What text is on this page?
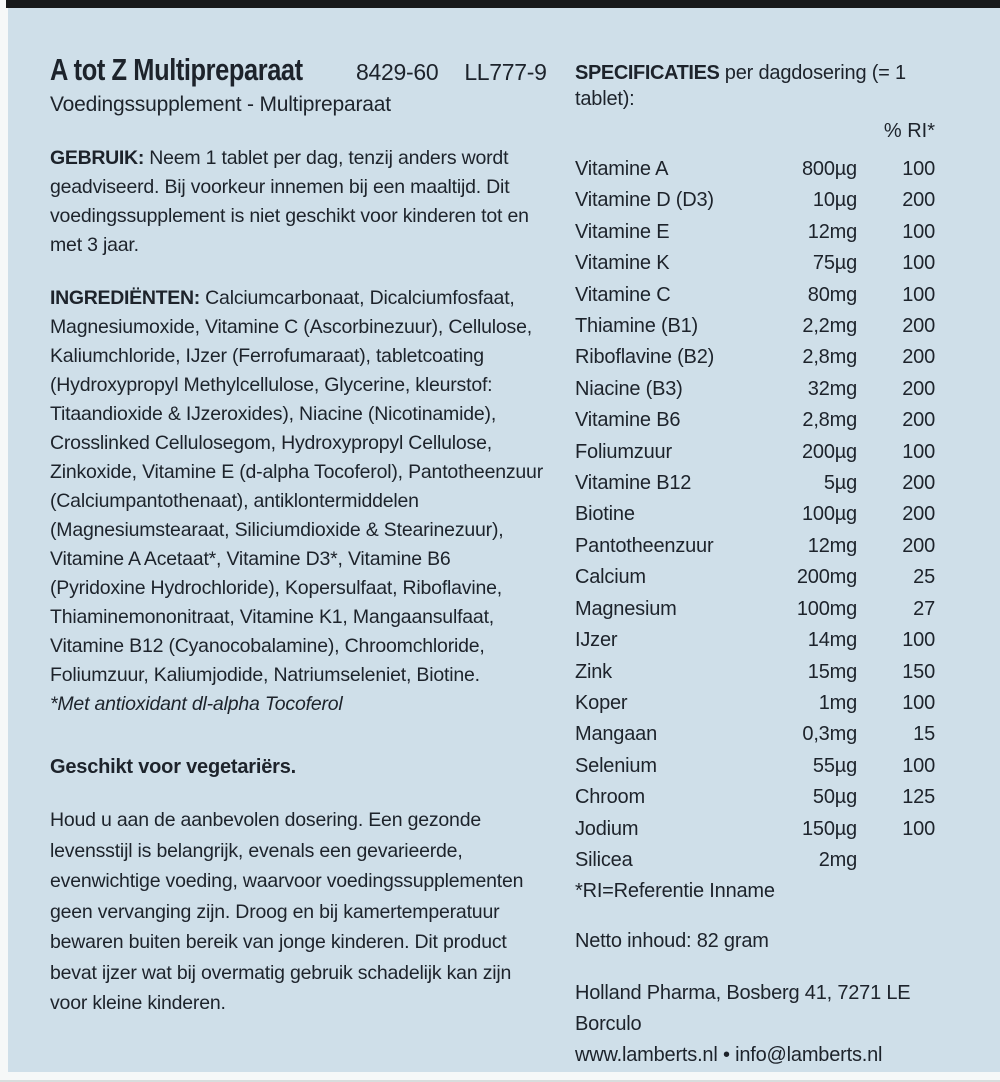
A tot Z Multipreparaat	8429-60 LL777-9
Voedingssupplement - Multipreparaat

GEBRUIK: Neem 1 tablet per dag, tenzij anders wordt geadviseerd. Bij voorkeur innemen bij een maaltijd. Dit voedingssupplement is niet geschikt voor kinderen tot en met 3 jaar.

INGREDIËNTEN: Calciumcarbonaat, Dicalciumfosfaat, Magnesiumoxide, Vitamine C (Ascorbinezuur), Cellulose, Kaliumchloride, IJzer (Ferrofumaraat), tabletcoating (Hydroxypropyl Methylcellulose, Glycerine, kleurstof: Titaandioxide & IJzeroxides), Niacine (Nicotinamide), Crosslinked Cellulosegom, Hydroxypropyl Cellulose, Zinkoxide, Vitamine E (d-alpha Tocoferol), Pantotheenzuur (Calciumpantothenaat), antiklontermiddelen (Magnesiumstearaat, Siliciumdioxide & Stearinezuur), Vitamine A Acetaat*, Vitamine D3*, Vitamine B6 (Pyridoxine Hydrochloride), Kopersulfaat, Riboflavine, Thiaminemononitraat, Vitamine K1, Mangaansulfaat, Vitamine B12 (Cyanocobalamine), Chroomchloride, Foliumzuur, Kaliumjodide, Natriumseleniet, Biotine.

*Met antioxidant dl-alpha Tocoferol

Geschikt voor vegetariërs.

Houd u aan de aanbevolen dosering. Een gezonde levensstijl is belangrijk, evenals een gevarieerde, evenwichtige voeding, waarvoor voedingssupplementen geen vervanging zijn. Droog en bij kamertemperatuur bewaren buiten bereik van jonge kinderen. Dit product bevat ijzer wat bij overmatig gebruik schadelijk kan zijn voor kleine kinderen.

SPECIFICATIES per dagdosering (= 1 tablet):
% RI*
Vitamine A	800µg	100
Vitamine D (D3)	10µg	200
Vitamine E	12mg	100
Vitamine K	75µg	100
Vitamine C	80mg	100
Thiamine (B1)	2,2mg	200
Riboflavine (B2)	2,8mg	200
Niacine (B3)	32mg	200
Vitamine B6	2,8mg	200
Foliumzuur	200µg	100
Vitamine B12	5µg	200
Biotine	100µg	200
Pantotheenzuur	12mg	200
Calcium	200mg	25
Magnesium	100mg	27
IJzer	14mg	100
Zink	15mg	150
Koper	1mg	100
Mangaan	0,3mg	15
Selenium	55µg	100
Chroom	50µg	125
Jodium	150µg	100
Silicea	2mg
*RI=Referentie Inname
Netto inhoud: 82 gram
Holland Pharma, Bosberg 41, 7271 LE Borculo
www.lamberts.nl • info@lamberts.nl
